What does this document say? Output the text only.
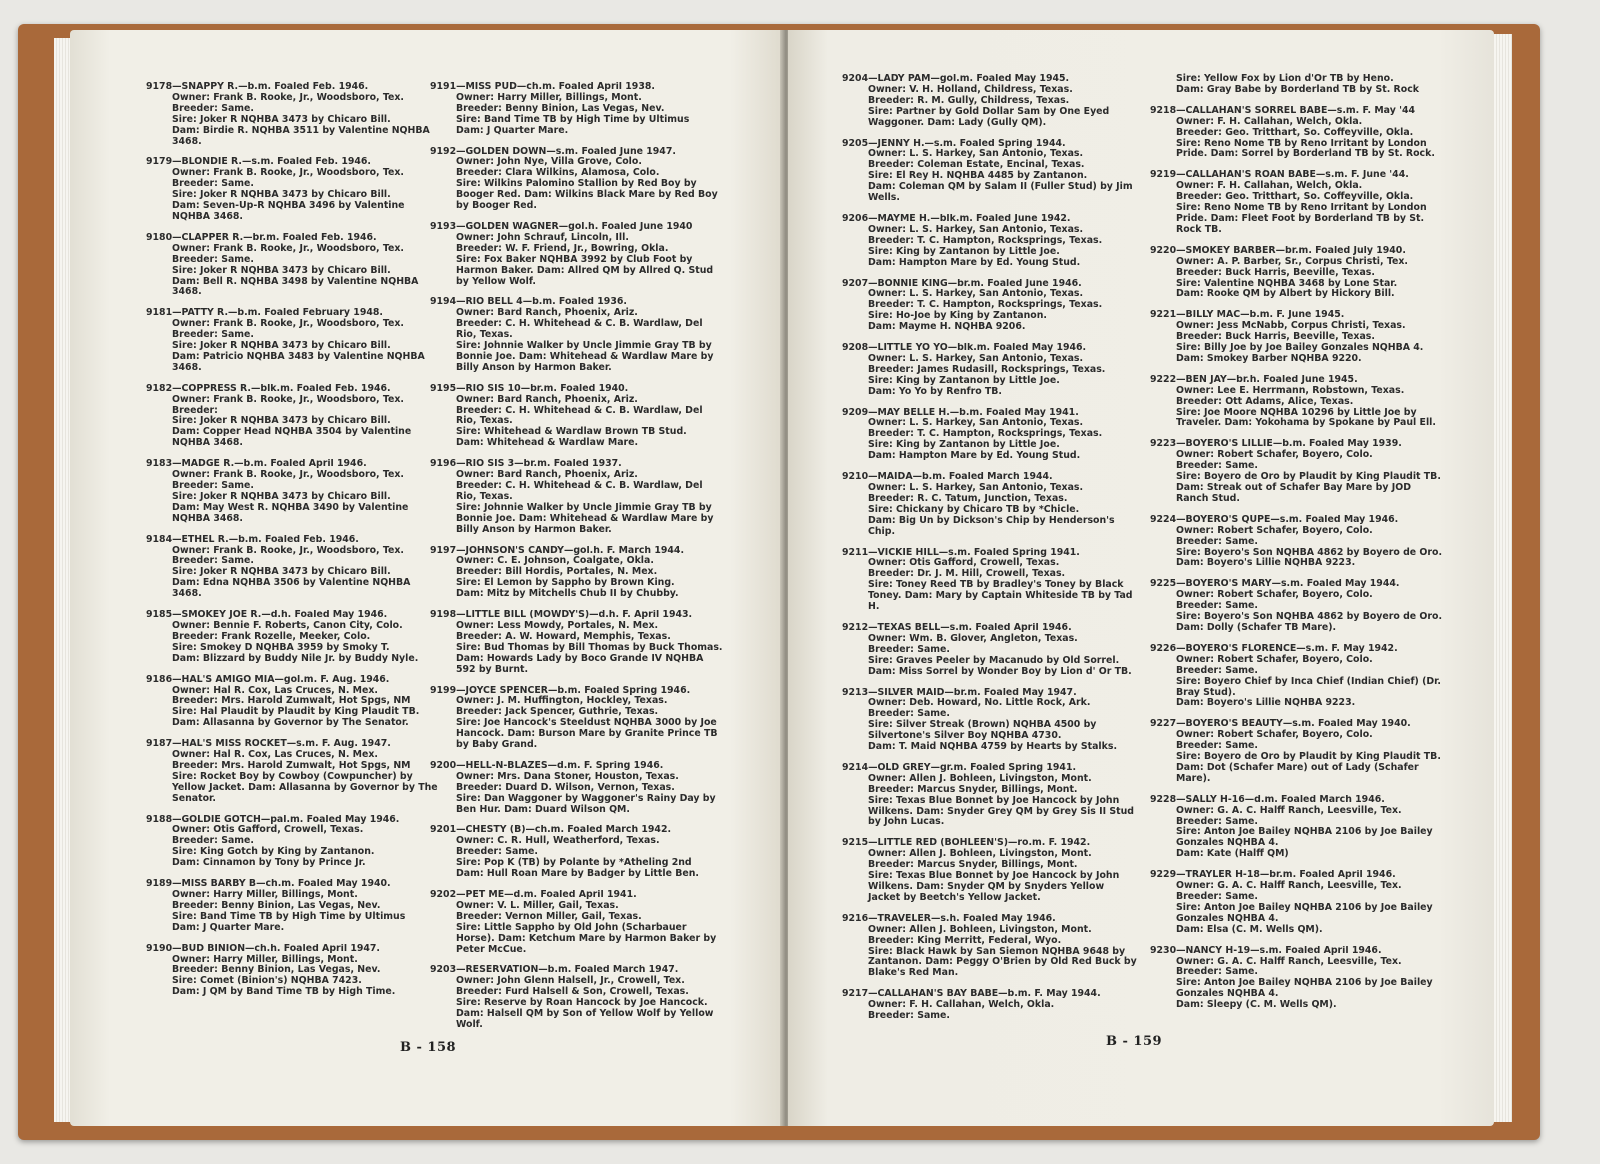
9178—SNAPPY R.—b.m. Foaled Feb. 1946.
Owner: Frank B. Rooke, Jr., Woodsboro, Tex.
Breeder: Same.
Sire: Joker R NQHBA 3473 by Chicaro Bill.
Dam: Birdie R. NQHBA 3511 by Valentine NQHBA 3468.
9179—BLONDIE R.—s.m. Foaled Feb. 1946.
Owner: Frank B. Rooke, Jr., Woodsboro, Tex.
Breeder: Same.
Sire: Joker R NQHBA 3473 by Chicaro Bill.
Dam: Seven-Up-R NQHBA 3496 by Valentine NQHBA 3468.
9180—CLAPPER R.—br.m. Foaled Feb. 1946.
Owner: Frank B. Rooke, Jr., Woodsboro, Tex.
Breeder: Same.
Sire: Joker R NQHBA 3473 by Chicaro Bill.
Dam: Bell R. NQHBA 3498 by Valentine NQHBA 3468.
9181—PATTY R.—b.m. Foaled February 1948.
Owner: Frank B. Rooke, Jr., Woodsboro, Tex.
Breeder: Same.
Sire: Joker R NQHBA 3473 by Chicaro Bill.
Dam: Patricio NQHBA 3483 by Valentine NQHBA 3468.
9182—COPPRESS R.—blk.m. Foaled Feb. 1946.
Owner: Frank B. Rooke, Jr., Woodsboro, Tex.
Breeder:
Sire: Joker R NQHBA 3473 by Chicaro Bill.
Dam: Copper Head NQHBA 3504 by Valentine NQHBA 3468.
9183—MADGE R.—b.m. Foaled April 1946.
Owner: Frank B. Rooke, Jr., Woodsboro, Tex.
Breeder: Same.
Sire: Joker R NQHBA 3473 by Chicaro Bill.
Dam: May West R. NQHBA 3490 by Valentine NQHBA 3468.
9184—ETHEL R.—b.m. Foaled Feb. 1946.
Owner: Frank B. Rooke, Jr., Woodsboro, Tex.
Breeder: Same.
Sire: Joker R NQHBA 3473 by Chicaro Bill.
Dam: Edna NQHBA 3506 by Valentine NQHBA 3468.
9185—SMOKEY JOE R.—d.h. Foaled May 1946.
Owner: Bennie F. Roberts, Canon City, Colo.
Breeder: Frank Rozelle, Meeker, Colo.
Sire: Smokey D NQHBA 3959 by Smoky T.
Dam: Blizzard by Buddy Nile Jr. by Buddy Nyle.
9186—HAL'S AMIGO MIA—gol.m. F. Aug. 1946.
Owner: Hal R. Cox, Las Cruces, N. Mex.
Breeder: Mrs. Harold Zumwalt, Hot Spgs, NM
Sire: Hal Plaudit by Plaudit by King Plaudit TB. Dam: Allasanna by Governor by The Senator.
9187—HAL'S MISS ROCKET—s.m. F. Aug. 1947.
Owner: Hal R. Cox, Las Cruces, N. Mex.
Breeder: Mrs. Harold Zumwalt, Hot Spgs, NM
Sire: Rocket Boy by Cowboy (Cowpuncher) by Yellow Jacket. Dam: Allasanna by Governor by The Senator.
9188—GOLDIE GOTCH—pal.m. Foaled May 1946.
Owner: Otis Gafford, Crowell, Texas.
Breeder: Same.
Sire: King Gotch by King by Zantanon.
Dam: Cinnamon by Tony by Prince Jr.
9189—MISS BARBY B—ch.m. Foaled May 1940.
Owner: Harry Miller, Billings, Mont.
Breeder: Benny Binion, Las Vegas, Nev.
Sire: Band Time TB by High Time by Ultimus
Dam: J Quarter Mare.
9190—BUD BINION—ch.h. Foaled April 1947.
Owner: Harry Miller, Billings, Mont.
Breeder: Benny Binion, Las Vegas, Nev.
Sire: Comet (Binion's) NQHBA 7423.
Dam: J QM by Band Time TB by High Time.
9191—MISS PUD—ch.m. Foaled April 1938.
Owner: Harry Miller, Billings, Mont.
Breeder: Benny Binion, Las Vegas, Nev.
Sire: Band Time TB by High Time by Ultimus
Dam: J Quarter Mare.
9192—GOLDEN DOWN—s.m. Foaled June 1947.
Owner: John Nye, Villa Grove, Colo.
Breeder: Clara Wilkins, Alamosa, Colo.
Sire: Wilkins Palomino Stallion by Red Boy by Booger Red. Dam: Wilkins Black Mare by Red Boy by Booger Red.
9193—GOLDEN WAGNER—gol.h. Foaled June 1940
Owner: John Schrauf, Lincoln, Ill.
Breeder: W. F. Friend, Jr., Bowring, Okla.
Sire: Fox Baker NQHBA 3992 by Club Foot by Harmon Baker. Dam: Allred QM by Allred Q. Stud by Yellow Wolf.
9194—RIO BELL 4—b.m. Foaled 1936.
Owner: Bard Ranch, Phoenix, Ariz.
Breeder: C. H. Whitehead & C. B. Wardlaw, Del Rio, Texas.
Sire: Johnnie Walker by Uncle Jimmie Gray TB by Bonnie Joe. Dam: Whitehead & Wardlaw Mare by Billy Anson by Harmon Baker.
9195—RIO SIS 10—br.m. Foaled 1940.
Owner: Bard Ranch, Phoenix, Ariz.
Breeder: C. H. Whitehead & C. B. Wardlaw, Del Rio, Texas.
Sire: Whitehead & Wardlaw Brown TB Stud.
Dam: Whitehead & Wardlaw Mare.
9196—RIO SIS 3—br.m. Foaled 1937.
Owner: Bard Ranch, Phoenix, Ariz.
Breeder: C. H. Whitehead & C. B. Wardlaw, Del Rio, Texas.
Sire: Johnnie Walker by Uncle Jimmie Gray TB by Bonnie Joe. Dam: Whitehead & Wardlaw Mare by Billy Anson by Harmon Baker.
9197—JOHNSON'S CANDY—gol.h. F. March 1944.
Owner: C. E. Johnson, Coalgate, Okla.
Breeder: Bill Hordis, Portales, N. Mex.
Sire: El Lemon by Sappho by Brown King.
Dam: Mitz by Mitchells Chub II by Chubby.
9198—LITTLE BILL (MOWDY'S)—d.h. F. April 1943.
Owner: Less Mowdy, Portales, N. Mex.
Breeder: A. W. Howard, Memphis, Texas.
Sire: Bud Thomas by Bill Thomas by Buck Thomas. Dam: Howards Lady by Boco Grande IV NQHBA 592 by Burnt.
9199—JOYCE SPENCER—b.m. Foaled Spring 1946.
Owner: J. M. Huffington, Hockley, Texas.
Breeder: Jack Spencer, Guthrie, Texas.
Sire: Joe Hancock's Steeldust NQHBA 3000 by Joe Hancock. Dam: Burson Mare by Granite Prince TB by Baby Grand.
9200—HELL-N-BLAZES—d.m. F. Spring 1946.
Owner: Mrs. Dana Stoner, Houston, Texas.
Breeder: Duard D. Wilson, Vernon, Texas.
Sire: Dan Waggoner by Waggoner's Rainy Day by Ben Hur. Dam: Duard Wilson QM.
9201—CHESTY (B)—ch.m. Foaled March 1942.
Owner: C. R. Hull, Weatherford, Texas.
Breeder: Same.
Sire: Pop K (TB) by Polante by *Atheling 2nd
Dam: Hull Roan Mare by Badger by Little Ben.
9202—PET ME—d.m. Foaled April 1941.
Owner: V. L. Miller, Gail, Texas.
Breeder: Vernon Miller, Gail, Texas.
Sire: Little Sappho by Old John (Scharbauer Horse). Dam: Ketchum Mare by Harmon Baker by Peter McCue.
9203—RESERVATION—b.m. Foaled March 1947.
Owner: John Glenn Halsell, Jr., Crowell, Tex.
Breeder: Furd Halsell & Son, Crowell, Texas.
Sire: Reserve by Roan Hancock by Joe Hancock. Dam: Halsell QM by Son of Yellow Wolf by Yellow Wolf.
B - 158
9204—LADY PAM—gol.m. Foaled May 1945.
Owner: V. H. Holland, Childress, Texas.
Breeder: R. M. Gully, Childress, Texas.
Sire: Partner by Gold Dollar Sam by One Eyed Waggoner. Dam: Lady (Gully QM).
9205—JENNY H.—s.m. Foaled Spring 1944.
Owner: L. S. Harkey, San Antonio, Texas.
Breeder: Coleman Estate, Encinal, Texas.
Sire: El Rey H. NQHBA 4485 by Zantanon.
Dam: Coleman QM by Salam II (Fuller Stud) by Jim Wells.
9206—MAYME H.—blk.m. Foaled June 1942.
Owner: L. S. Harkey, San Antonio, Texas.
Breeder: T. C. Hampton, Rocksprings, Texas.
Sire: King by Zantanon by Little Joe.
Dam: Hampton Mare by Ed. Young Stud.
9207—BONNIE KING—br.m. Foaled June 1946.
Owner: L. S. Harkey, San Antonio, Texas.
Breeder: T. C. Hampton, Rocksprings, Texas.
Sire: Ho-Joe by King by Zantanon.
Dam: Mayme H. NQHBA 9206.
9208—LITTLE YO YO—blk.m. Foaled May 1946.
Owner: L. S. Harkey, San Antonio, Texas.
Breeder: James Rudasill, Rocksprings, Texas.
Sire: King by Zantanon by Little Joe.
Dam: Yo Yo by Renfro TB.
9209—MAY BELLE H.—b.m. Foaled May 1941.
Owner: L. S. Harkey, San Antonio, Texas.
Breeder: T. C. Hampton, Rocksprings, Texas.
Sire: King by Zantanon by Little Joe.
Dam: Hampton Mare by Ed. Young Stud.
9210—MAIDA—b.m. Foaled March 1944.
Owner: L. S. Harkey, San Antonio, Texas.
Breeder: R. C. Tatum, Junction, Texas.
Sire: Chickany by Chicaro TB by *Chicle.
Dam: Big Un by Dickson's Chip by Henderson's Chip.
9211—VICKIE HILL—s.m. Foaled Spring 1941.
Owner: Otis Gafford, Crowell, Texas.
Breeder: Dr. J. M. Hill, Crowell, Texas.
Sire: Toney Reed TB by Bradley's Toney by Black Toney. Dam: Mary by Captain Whiteside TB by Tad H.
9212—TEXAS BELL—s.m. Foaled April 1946.
Owner: Wm. B. Glover, Angleton, Texas.
Breeder: Same.
Sire: Graves Peeler by Macanudo by Old Sorrel. Dam: Miss Sorrel by Wonder Boy by Lion d' Or TB.
9213—SILVER MAID—br.m. Foaled May 1947.
Owner: Deb. Howard, No. Little Rock, Ark.
Breeder: Same.
Sire: Silver Streak (Brown) NQHBA 4500 by Silvertone's Silver Boy NQHBA 4730.
Dam: T. Maid NQHBA 4759 by Hearts by Stalks.
9214—OLD GREY—gr.m. Foaled Spring 1941.
Owner: Allen J. Bohleen, Livingston, Mont.
Breeder: Marcus Snyder, Billings, Mont.
Sire: Texas Blue Bonnet by Joe Hancock by John Wilkens. Dam: Snyder Grey QM by Grey Sis II Stud by John Lucas.
9215—LITTLE RED (BOHLEEN'S)—ro.m. F. 1942.
Owner: Allen J. Bohleen, Livingston, Mont.
Breeder: Marcus Snyder, Billings, Mont.
Sire: Texas Blue Bonnet by Joe Hancock by John Wilkens. Dam: Snyder QM by Snyders Yellow Jacket by Beetch's Yellow Jacket.
9216—TRAVELER—s.h. Foaled May 1946.
Owner: Allen J. Bohleen, Livingston, Mont.
Breeder: King Merritt, Federal, Wyo.
Sire: Black Hawk by San Siemon NQHBA 9648 by Zantanon. Dam: Peggy O'Brien by Old Red Buck by Blake's Red Man.
9217—CALLAHAN'S BAY BABE—b.m. F. May 1944.
Owner: F. H. Callahan, Welch, Okla.
Breeder: Same.
Sire: Yellow Fox by Lion d'Or TB by Heno.
Dam: Gray Babe by Borderland TB by St. Rock
9218—CALLAHAN'S SORREL BABE—s.m. F. May '44
Owner: F. H. Callahan, Welch, Okla.
Breeder: Geo. Tritthart, So. Coffeyville, Okla.
Sire: Reno Nome TB by Reno Irritant by London Pride. Dam: Sorrel by Borderland TB by St. Rock.
9219—CALLAHAN'S ROAN BABE—s.m. F. June '44.
Owner: F. H. Callahan, Welch, Okla.
Breeder: Geo. Tritthart, So. Coffeyville, Okla.
Sire: Reno Nome TB by Reno Irritant by London Pride. Dam: Fleet Foot by Borderland TB by St. Rock TB.
9220—SMOKEY BARBER—br.m. Foaled July 1940.
Owner: A. P. Barber, Sr., Corpus Christi, Tex.
Breeder: Buck Harris, Beeville, Texas.
Sire: Valentine NQHBA 3468 by Lone Star.
Dam: Rooke QM by Albert by Hickory Bill.
9221—BILLY MAC—b.m. F. June 1945.
Owner: Jess McNabb, Corpus Christi, Texas.
Breeder: Buck Harris, Beeville, Texas.
Sire: Billy Joe by Joe Bailey Gonzales NQHBA 4. Dam: Smokey Barber NQHBA 9220.
9222—BEN JAY—br.h. Foaled June 1945.
Owner: Lee E. Herrmann, Robstown, Texas.
Breeder: Ott Adams, Alice, Texas.
Sire: Joe Moore NQHBA 10296 by Little Joe by Traveler. Dam: Yokohama by Spokane by Paul Ell.
9223—BOYERO'S LILLIE—b.m. Foaled May 1939.
Owner: Robert Schafer, Boyero, Colo.
Breeder: Same.
Sire: Boyero de Oro by Plaudit by King Plaudit TB. Dam: Streak out of Schafer Bay Mare by JOD Ranch Stud.
9224—BOYERO'S QUPE—s.m. Foaled May 1946.
Owner: Robert Schafer, Boyero, Colo.
Breeder: Same.
Sire: Boyero's Son NQHBA 4862 by Boyero de Oro. Dam: Boyero's Lillie NQHBA 9223.
9225—BOYERO'S MARY—s.m. Foaled May 1944.
Owner: Robert Schafer, Boyero, Colo.
Breeder: Same.
Sire: Boyero's Son NQHBA 4862 by Boyero de Oro. Dam: Dolly (Schafer TB Mare).
9226—BOYERO'S FLORENCE—s.m. F. May 1942.
Owner: Robert Schafer, Boyero, Colo.
Breeder: Same.
Sire: Boyero Chief by Inca Chief (Indian Chief) (Dr. Bray Stud).
Dam: Boyero's Lillie NQHBA 9223.
9227—BOYERO'S BEAUTY—s.m. Foaled May 1940.
Owner: Robert Schafer, Boyero, Colo.
Breeder: Same.
Sire: Boyero de Oro by Plaudit by King Plaudit TB. Dam: Dot (Schafer Mare) out of Lady (Schafer Mare).
9228—SALLY H-16—d.m. Foaled March 1946.
Owner: G. A. C. Halff Ranch, Leesville, Tex.
Breeder: Same.
Sire: Anton Joe Bailey NQHBA 2106 by Joe Bailey Gonzales NQHBA 4.
Dam: Kate (Halff QM)
9229—TRAYLER H-18—br.m. Foaled April 1946.
Owner: G. A. C. Halff Ranch, Leesville, Tex.
Breeder: Same.
Sire: Anton Joe Bailey NQHBA 2106 by Joe Bailey Gonzales NQHBA 4.
Dam: Elsa (C. M. Wells QM).
9230—NANCY H-19—s.m. Foaled April 1946.
Owner: G. A. C. Halff Ranch, Leesville, Tex.
Breeder: Same.
Sire: Anton Joe Bailey NQHBA 2106 by Joe Bailey Gonzales NQHBA 4.
Dam: Sleepy (C. M. Wells QM).
B - 159
